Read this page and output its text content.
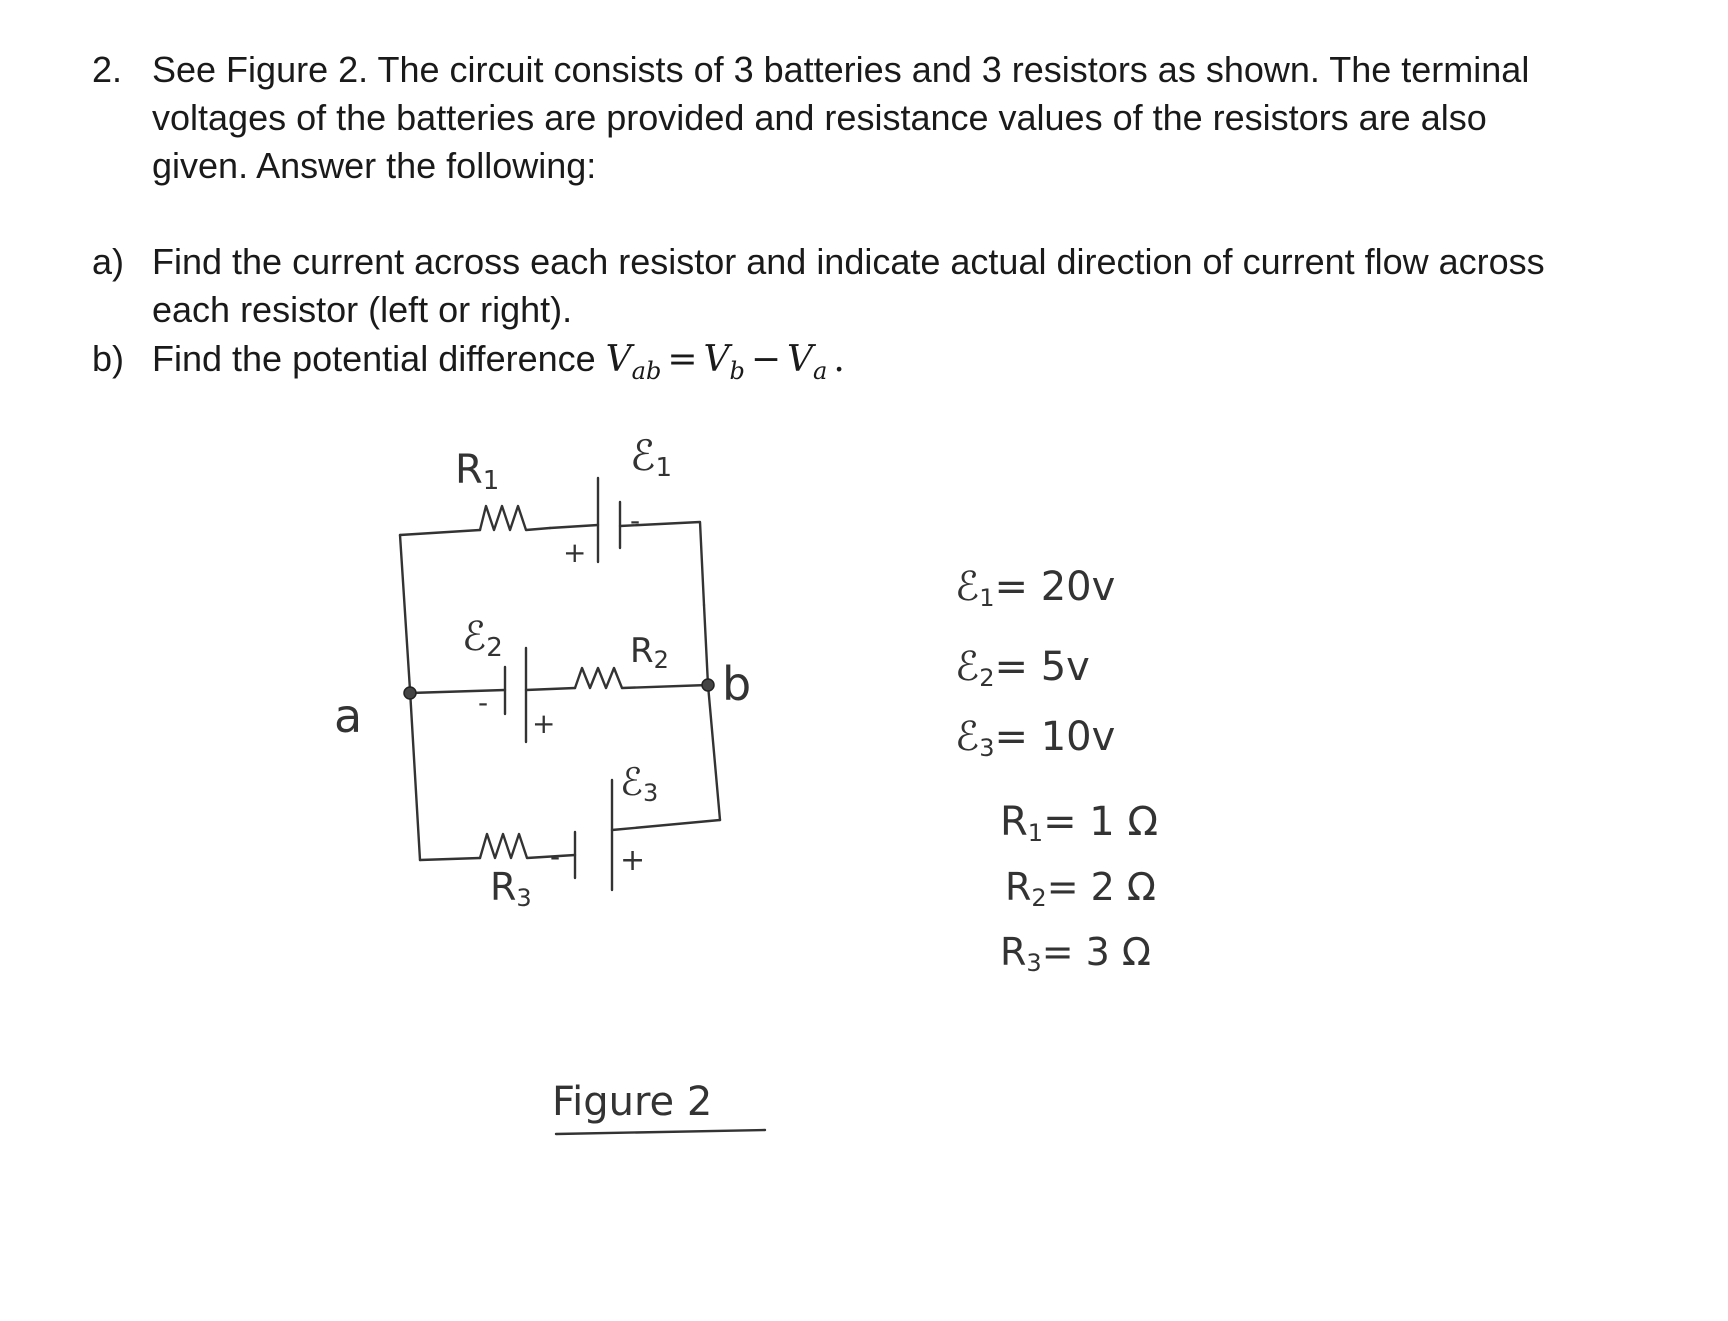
2. See Figure 2. The circuit consists of 3 batteries and 3 resistors as shown. The terminal
voltages of the batteries are provided and resistance values of the resistors are also
given. Answer the following:
a) Find the current across each resistor and indicate actual direction of current flow across
each resistor (left or right).
b) Find the potential difference $V_{ab} = V_b - V_a$ .
+
-
R1
ℰ1
-
+
ℰ2	R2
- +
ℰ3
R3
a
b
Figure 2
ℰ1= 20v
ℰ2= 5v
ℰ3= 10v
R1= 1 Ω
R2= 2 Ω
R3= 3 Ω
